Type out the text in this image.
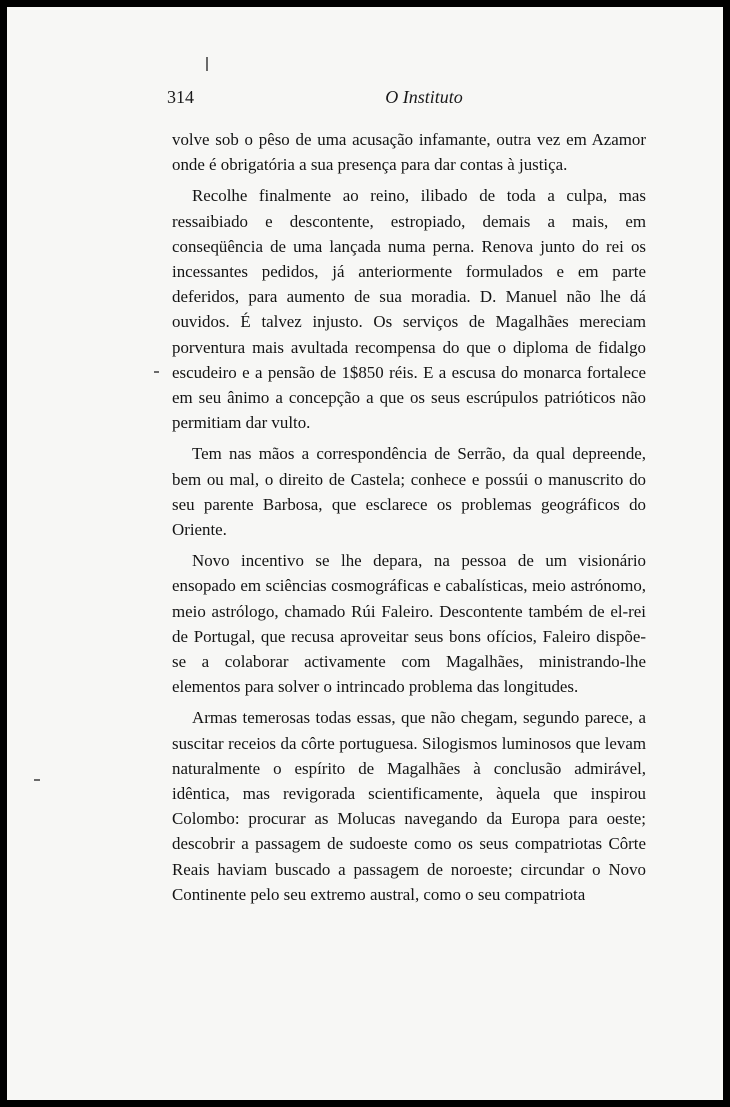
314	O Instituto

volve sob o pêso de uma acusação infamante, outra vez em Azamor onde é obrigatória a sua presença para dar contas à justiça.

Recolhe finalmente ao reino, ilibado de toda a culpa, mas ressaibiado e descontente, estropiado, demais a mais, em conseqüência de uma lançada numa perna. Renova junto do rei os incessantes pedidos, já anteriormente formulados e em parte deferidos, para aumento de sua moradia. D. Manuel não lhe dá ouvidos. É talvez injusto. Os serviços de Magalhães mereciam porventura mais avultada recompensa do que o diploma de fidalgo escudeiro e a pensão de 1$850 réis. E a escusa do monarca fortalece em seu ânimo a concepção a que os seus escrúpulos patrióticos não permitiam dar vulto.

Tem nas mãos a correspondência de Serrão, da qual depreende, bem ou mal, o direito de Castela; conhece e possúi o manuscrito do seu parente Barbosa, que esclarece os problemas geográficos do Oriente.

Novo incentivo se lhe depara, na pessoa de um visionário ensopado em sciências cosmográficas e cabalísticas, meio astrónomo, meio astrólogo, chamado Rúi Faleiro. Descontente também de el-rei de Portugal, que recusa aproveitar seus bons ofícios, Faleiro dispõe-se a colaborar activamente com Magalhães, ministrando-lhe elementos para solver o intrincado problema das longitudes.

Armas temerosas todas essas, que não chegam, segundo parece, a suscitar receios da côrte portuguesa. Silogismos luminosos que levam naturalmente o espírito de Magalhães à conclusão admirável, idêntica, mas revigorada scientificamente, àquela que inspirou Colombo: procurar as Molucas navegando da Europa para oeste; descobrir a passagem de sudoeste como os seus compatriotas Côrte Reais haviam buscado a passagem de noroeste; circundar o Novo Continente pelo seu extremo austral, como o seu compatriota
